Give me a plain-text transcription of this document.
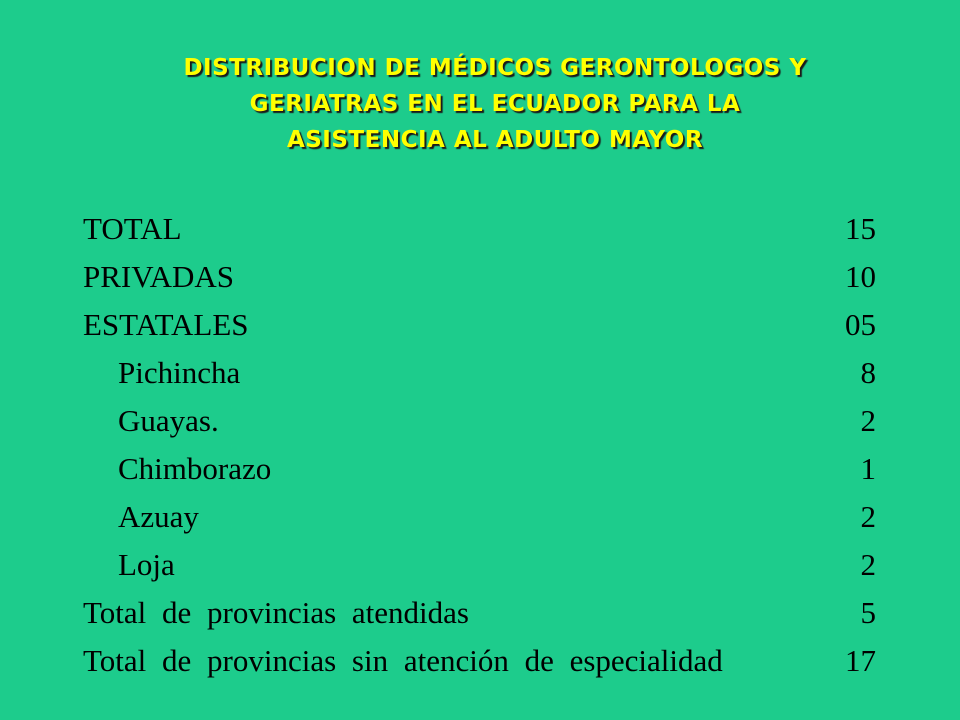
DISTRIBUCION DE MÉDICOS GERONTOLOGOS Y
GERIATRAS EN EL ECUADOR PARA LA
ASISTENCIA AL ADULTO MAYOR
TOTAL	15
PRIVADAS	10
ESTATALES	05
Pichincha	8
Guayas.	2
Chimborazo	1
Azuay	2
Loja	2
Total de provincias atendidas	5
Total de provincias sin atención de especialidad	17
